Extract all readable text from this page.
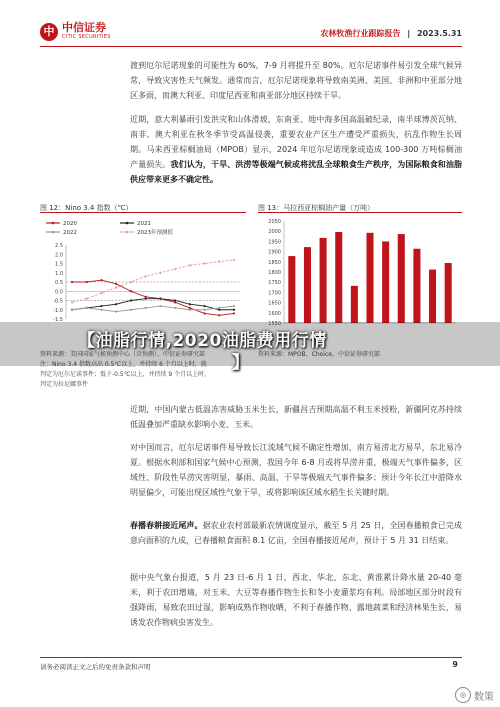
中 中信证券
CITIC SECURITIES	农林牧渔行业跟踪报告 | 2023.5.31
渡到厄尔尼诺现象的可能性为 60%，7-9 月将提升至 80%。厄尔尼诺事件易引发全球气候异常，导致灾害性天气频发。通常而言，厄尔尼诺现象将导致南美洲、美国、非洲和中亚部分地区多雨，而澳大利亚、印度尼西亚和南亚部分地区持续干旱。
近期，意大利暴雨引发洪灾和山体滑坡，东南亚、地中海多国高温破纪录，南半球博茨瓦纳、南非、澳大利亚在秋冬季节受高温侵袭，重要农业产区生产遭受严重损失，抗乱作物生长周期。马来西亚棕榈油局（MPOB）显示，2024 年厄尔尼诺现象或造成 100-300 万吨棕榈油产量损失。我们认为，干旱、洪涝等极端气候或将扰乱全球粮食生产秩序，为国际粮食和油脂供应带来更多不确定性。
图 12：Nino 3.4 指数（℃）	图 13：马拉西亚棕榈油产量（万吨）
2.5
2.0
1.5
1.0
0.5
0.0
-0.5
-1.0
-1.5
2020	2021
2022	2023年预测值
2050
2000
1950
1900
1850
1800
1750
1700
1650
1600
1550
资料来源：美国国家气候预测中心（含预测），中信证券研究部
注：Nino 3.4 指数高出 0.5℃以上，并持续 6 个月以上时，就
判定为厄尔尼诺事件；低于-0.5℃以上，并持续 9 个月以上时，
判定为拉尼娜事件
资料来源：MPOB，Choice，中信证券研究部
【油脂行情,2020油脂费用行情
】
近期，中国内蒙古低温冻害威胁玉米生长，新疆昌吉预期高温不利玉米授粉，新疆阿克苏持续低温叠加严重缺水影响小麦、玉米。
对中国而言，厄尔尼诺事件易导致长江流域气候不确定性增加，南方易涝北方易旱，东北易冷夏。根据水利部和国家气候中心预测，我国今年 6-8 月或将旱涝并重，极端天气事件偏多，区域性、阶段性旱涝灾害明显，暴雨、高温、干旱等极端天气事件偏多；预计今年长江中游降水明显偏少，可能出现区域性气象干旱，或将影响该区域水稻生长关键时期。
春播春耕接近尾声。据农业农村部最新农情调度显示，截至 5 月 25 日，全国春播粮食已完成意向面积的九成，已春播粮食面积 8.1 亿亩，全国春播接近尾声，预计于 5 月 31 日结束。
据中央气象台报道，5 月 23 日-6 月 1 日，西北、华北、东北、黄淮累计降水量 20-40 毫米，利于农田增墒，对玉米、大豆等春播作物生长和冬小麦灌浆均有利。局部地区部分时段有强降雨，易致农田过湿，影响成熟作物收晒，不利于春播作物、露地蔬菜和经济林果生长，易诱发农作物病虫害发生。
请务必阅读正文之后的免责条款和声明	9
◎ 数策
